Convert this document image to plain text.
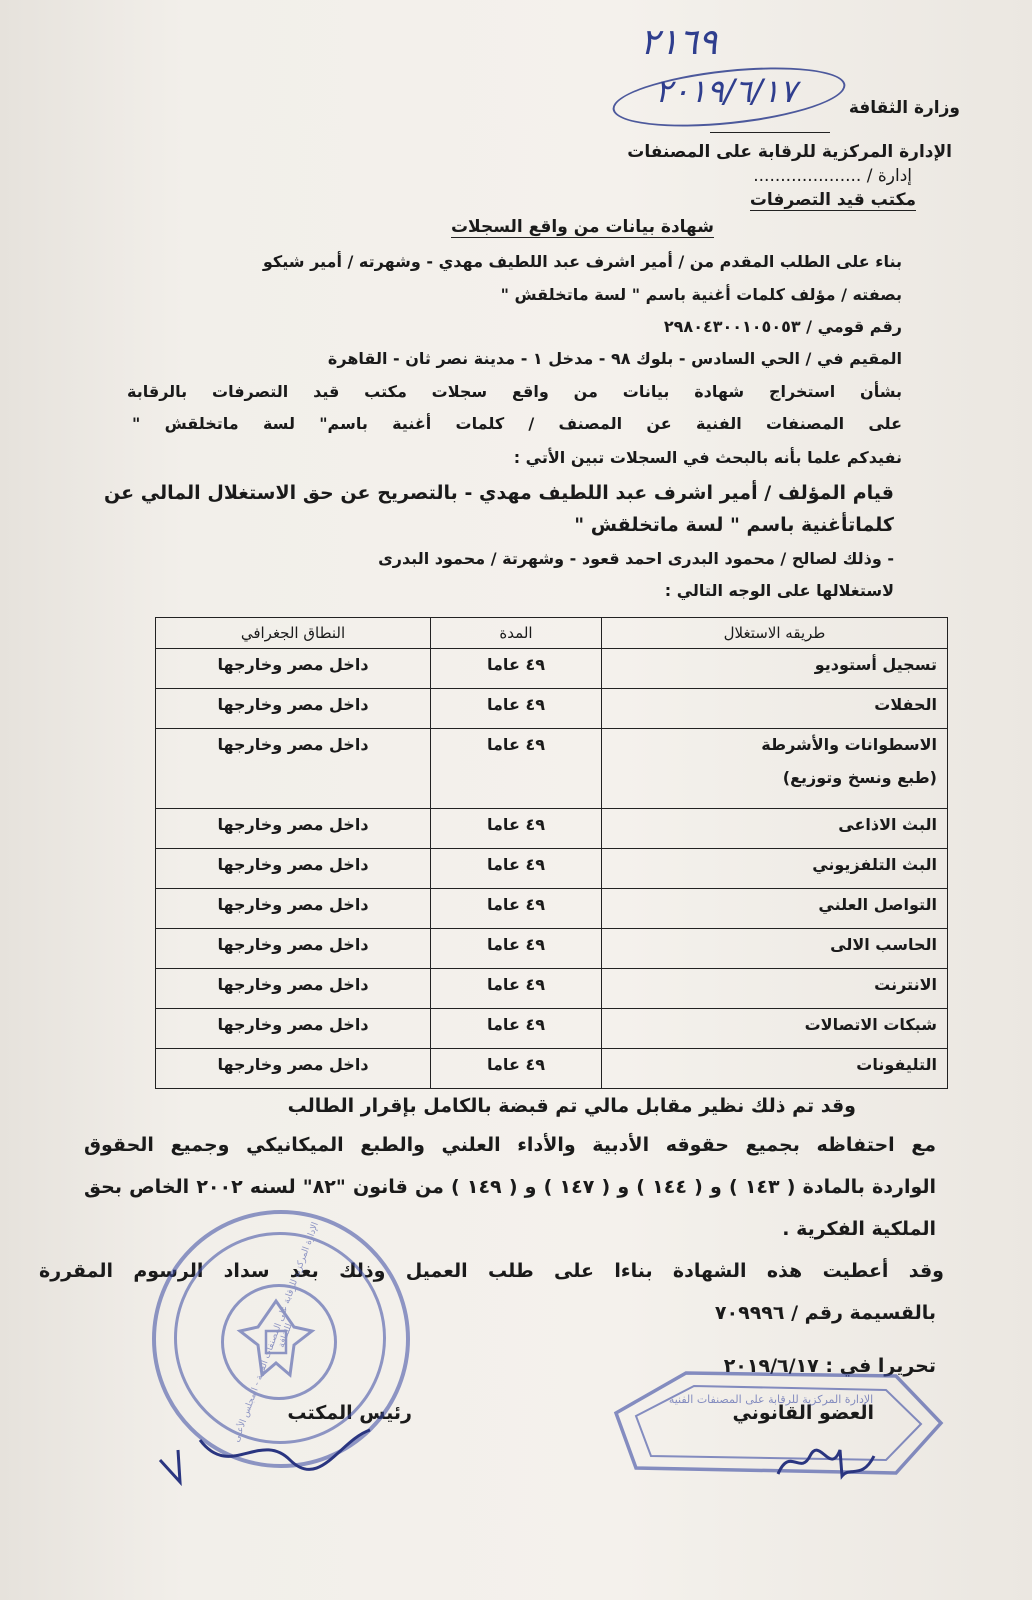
٢١٦٩
٢٠١٩/٦/١٧	وزارة الثقافة
الإدارة المركزية للرقابة على المصنفات
إدارة / ....................
مكتب قيد التصرفات
شهادة بيانات من واقع السجلات
بناء على الطلب المقدم من / أمير اشرف عبد اللطيف مهدي - وشهرته / أمير شيكو
بصفته / مؤلف كلمات أغنية باسم " لسة ماتخلقش "
رقم قومي / ٢٩٨٠٤٣٠٠١٠٥٠٥٣
المقيم في / الحي السادس - بلوك ٩٨ - مدخل ١ - مدينة نصر ثان - القاهرة
بشأن استخراج شهادة بيانات من واقع سجلات مكتب قيد التصرفات بالرقابة
على المصنفات الفنية عن المصنف / كلمات أغنية باسم" لسة ماتخلقش "
نفيدكم علما بأنه بالبحث في السجلات تبين الأتي :
قيام المؤلف / أمير اشرف عبد اللطيف مهدي - بالتصريح عن حق الاستغلال المالي عن
كلماتأغنية باسم " لسة ماتخلقش "
- وذلك لصالح / محمود البدرى احمد قعود - وشهرتة / محمود البدرى
لاستغلالها على الوجه التالي :
طريقه الاستغلال	المدة	النطاق الجغرافي
تسجيل أستوديو	٤٩ عاما	داخل مصر وخارجها
الحفلات	٤٩ عاما	داخل مصر وخارجها

الاسطوانات والأشرطة
(طبع ونسخ وتوزيع)	٤٩ عاما	داخل مصر وخارجها
البث الاذاعى	٤٩ عاما	داخل مصر وخارجها
البث التلفزيوني	٤٩ عاما	داخل مصر وخارجها
التواصل العلني	٤٩ عاما	داخل مصر وخارجها
الحاسب الالى	٤٩ عاما	داخل مصر وخارجها
الانترنت	٤٩ عاما	داخل مصر وخارجها
شبكات الاتصالات	٤٩ عاما	داخل مصر وخارجها
التليفونات	٤٩ عاما	داخل مصر وخارجها
وقد تم ذلك نظير مقابل مالي تم قبضة بالكامل بإقرار الطالب
مع احتفاظه بجميع حقوقه الأدبية والأداء العلني والطبع الميكانيكي وجميع الحقوق
الواردة بالمادة ( ١٤٣ ) و ( ١٤٤ ) و ( ١٤٧ ) و ( ١٤٩ ) من قانون "٨٢" لسنه ٢٠٠٢ الخاص بحق
الملكية الفكرية .
وقد أعطيت هذه الشهادة بناءا على طلب العميل وذلك بعد سداد الرسوم المقررة
بالقسيمة رقم / ٧٠٩٩٩٦
تحريرا في : ٢٠١٩/٦/١٧
العضو القانوني
رئيس المكتب
الإدارة المركزية للرقابة على المصنفات الفنية - المجلس الأعلى للثقافة
الإدارة المركزية للرقابة على المصنفات الفنية
